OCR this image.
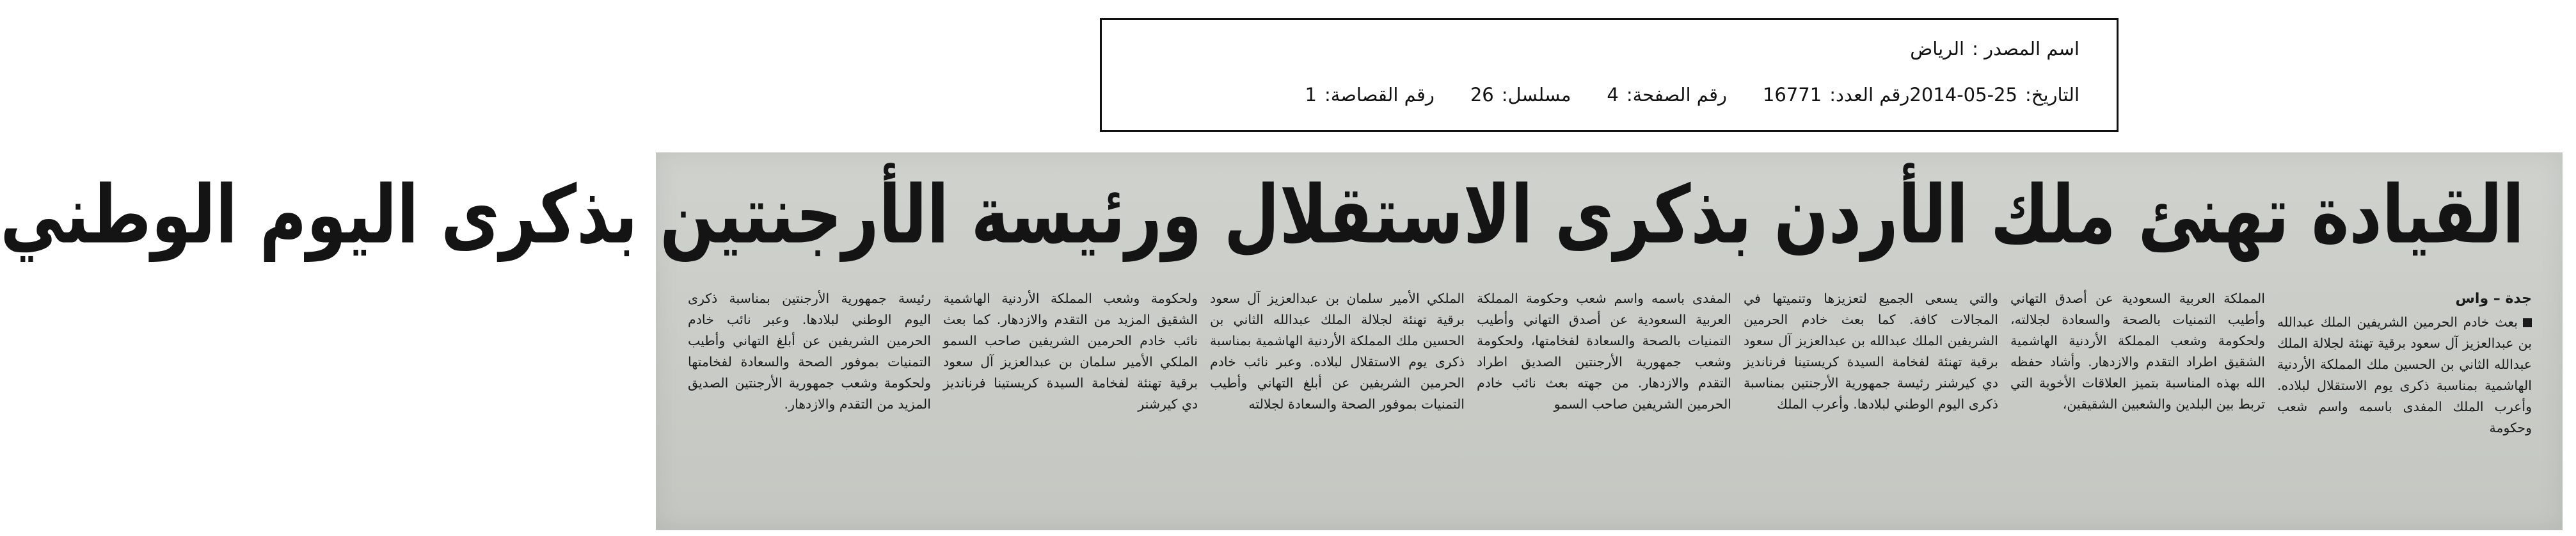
اسم المصدر :
الرياض
التاريخ:
2014-05-25
رقم العدد:
16771
رقم الصفحة:
4
مسلسل:
26
رقم القصاصة:
1
القيادة تهنئ ملك الأردن بذكرى الاستقلال ورئيسة الأرجنتين بذكرى اليوم الوطني
جدة – واس

بعث خادم الحرمين الشريفين الملك عبدالله بن عبدالعزيز آل سعود برقية تهنئة لجلالة الملك عبدالله الثاني بن الحسين ملك المملكة الأردنية الهاشمية بمناسبة ذكرى يوم الاستقلال لبلاده. وأعرب الملك المفدى باسمه واسم شعب وحكومة

المملكة العربية السعودية عن أصدق التهاني وأطيب التمنيات بالصحة والسعادة لجلالته، ولحكومة وشعب المملكة الأردنية الهاشمية الشقيق اطراد التقدم والازدهار. وأشاد حفظه الله بهذه المناسبة بتميز العلاقات الأخوية التي تربط بين البلدين والشعبين الشقيقين،

والتي يسعى الجميع لتعزيزها وتنميتها في المجالات كافة. كما بعث خادم الحرمين الشريفين الملك عبدالله بن عبدالعزيز آل سعود برقية تهنئة لفخامة السيدة كريستينا فرنانديز دي كيرشنر رئيسة جمهورية الأرجنتين بمناسبة ذكرى اليوم الوطني لبلادها. وأعرب الملك

المفدى باسمه واسم شعب وحكومة المملكة العربية السعودية عن أصدق التهاني وأطيب التمنيات بالصحة والسعادة لفخامتها، ولحكومة وشعب جمهورية الأرجنتين الصديق اطراد التقدم والازدهار. من جهته بعث نائب خادم الحرمين الشريفين صاحب السمو

الملكي الأمير سلمان بن عبدالعزيز آل سعود برقية تهنئة لجلالة الملك عبدالله الثاني بن الحسين ملك المملكة الأردنية الهاشمية بمناسبة ذكرى يوم الاستقلال لبلاده. وعبر نائب خادم الحرمين الشريفين عن أبلغ التهاني وأطيب التمنيات بموفور الصحة والسعادة لجلالته

ولحكومة وشعب المملكة الأردنية الهاشمية الشقيق المزيد من التقدم والازدهار. كما بعث نائب خادم الحرمين الشريفين صاحب السمو الملكي الأمير سلمان بن عبدالعزيز آل سعود برقية تهنئة لفخامة السيدة كريستينا فرنانديز دي كيرشنر

رئيسة جمهورية الأرجنتين بمناسبة ذكرى اليوم الوطني لبلادها. وعبر نائب خادم الحرمين الشريفين عن أبلغ التهاني وأطيب التمنيات بموفور الصحة والسعادة لفخامتها ولحكومة وشعب جمهورية الأرجنتين الصديق المزيد من التقدم والازدهار.
